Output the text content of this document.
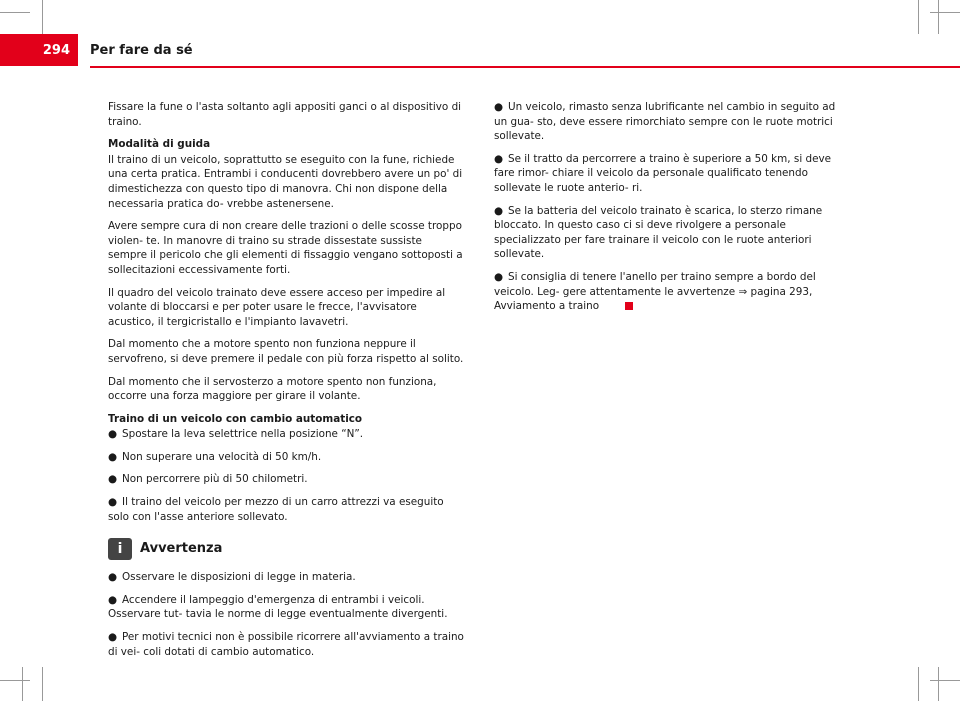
294	Per fare da sé

Fissare la fune o l'asta soltanto agli appositi ganci o al dispositivo di traino.

Modalità di guida

Il traino di un veicolo, soprattutto se eseguito con la fune, richiede una certa pratica. Entrambi i conducenti dovrebbero avere un po' di dimestichezza con questo tipo di manovra. Chi non dispone della necessaria pratica do- vrebbe astenersene.

Avere sempre cura di non creare delle trazioni o delle scosse troppo violen- te. In manovre di traino su strade dissestate sussiste sempre il pericolo che gli elementi di fissaggio vengano sottoposti a sollecitazioni eccessivamente forti.

Il quadro del veicolo trainato deve essere acceso per impedire al volante di bloccarsi e per poter usare le frecce, l'avvisatore acustico, il tergicristallo e l'impianto lavavetri.

Dal momento che a motore spento non funziona neppure il servofreno, si deve premere il pedale con più forza rispetto al solito.

Dal momento che il servosterzo a motore spento non funziona, occorre una forza maggiore per girare il volante.

Traino di un veicolo con cambio automatico
● Spostare la leva selettrice nella posizione “N”.
● Non superare una velocità di 50 km/h.
● Non percorrere più di 50 chilometri.
● Il traino del veicolo per mezzo di un carro attrezzi va eseguito solo con l'asse anteriore sollevato.
i	Avvertenza
● Osservare le disposizioni di legge in materia.
● Accendere il lampeggio d'emergenza di entrambi i veicoli. Osservare tut- tavia le norme di legge eventualmente divergenti.
● Per motivi tecnici non è possibile ricorrere all'avviamento a traino di vei- coli dotati di cambio automatico.
● Un veicolo, rimasto senza lubrificante nel cambio in seguito ad un gua- sto, deve essere rimorchiato sempre con le ruote motrici sollevate.
● Se il tratto da percorrere a traino è superiore a 50 km, si deve fare rimor- chiare il veicolo da personale qualificato tenendo sollevate le ruote anterio- ri.
● Se la batteria del veicolo trainato è scarica, lo sterzo rimane bloccato. In questo caso ci si deve rivolgere a personale specializzato per fare trainare il veicolo con le ruote anteriori sollevate.
● Si consiglia di tenere l'anello per traino sempre a bordo del veicolo. Leg- gere attentamente le avvertenze ⇒ pagina 293, Avviamento a traino
